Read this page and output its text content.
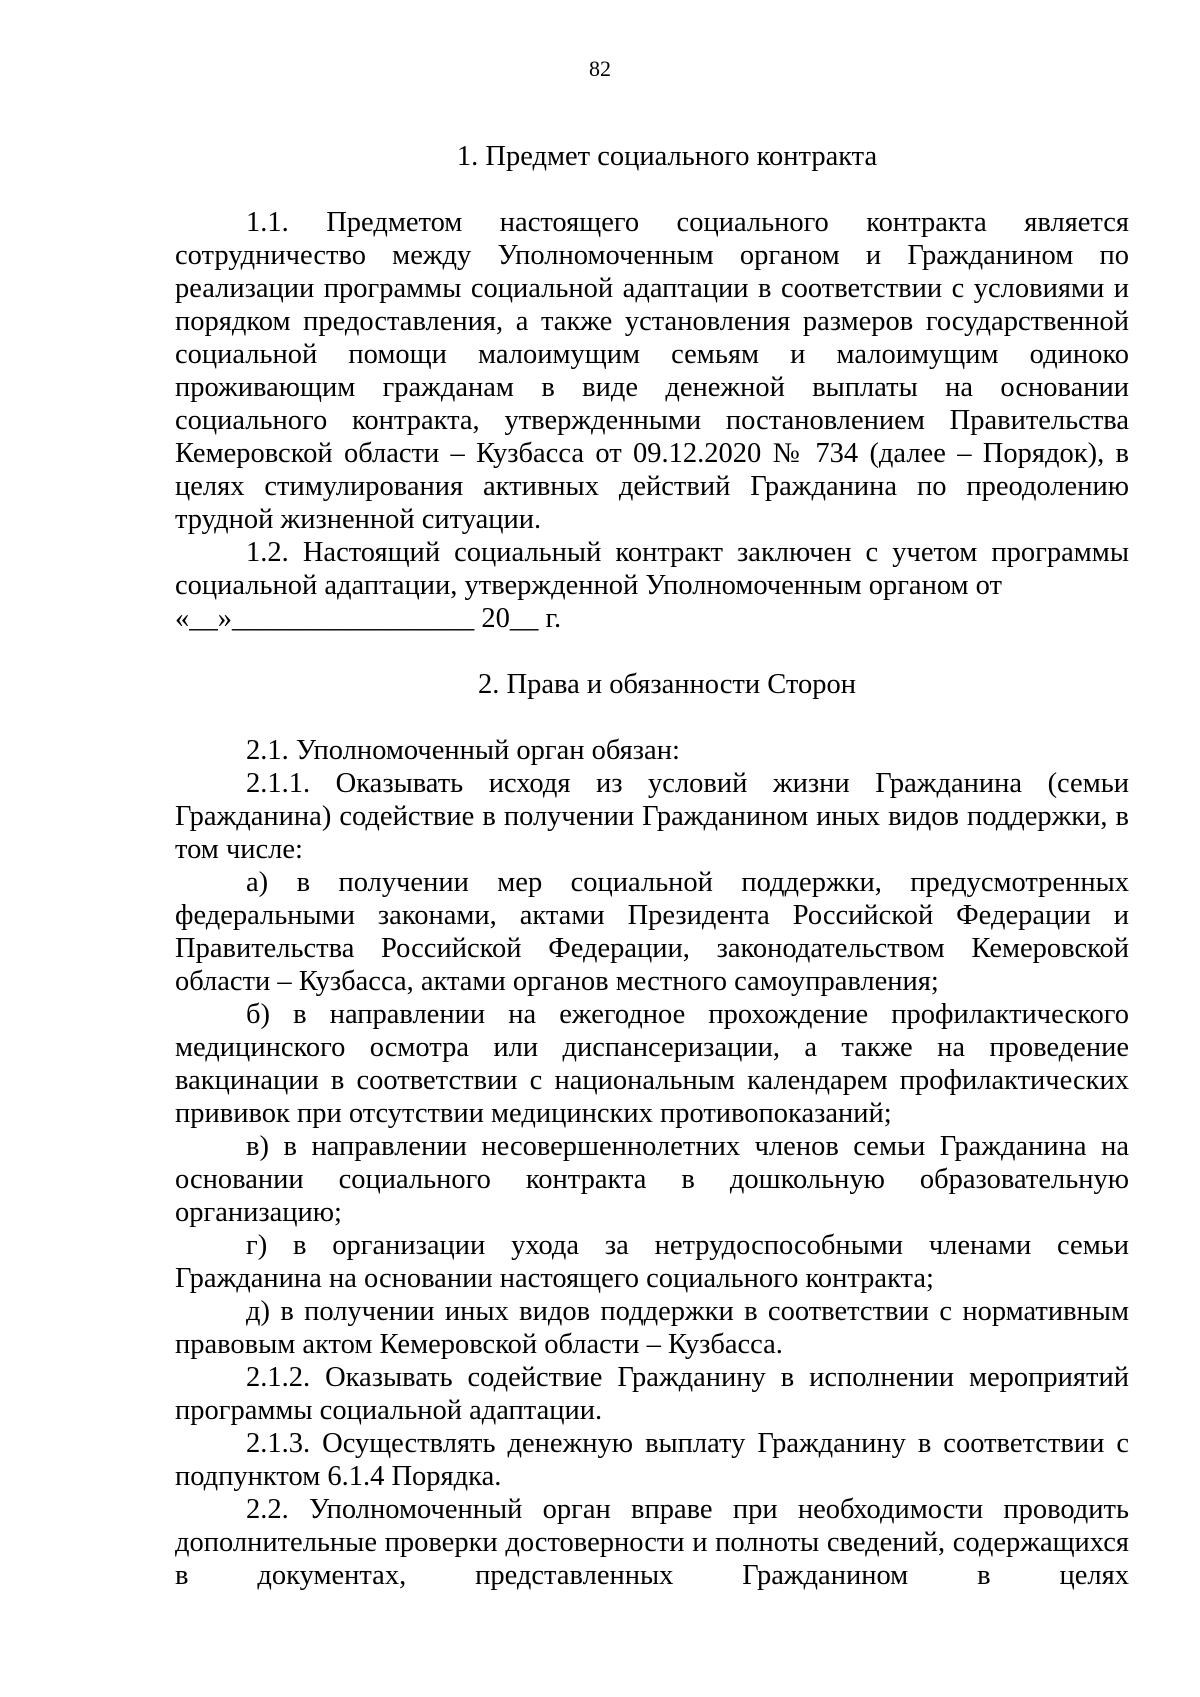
82

1. Предмет социального контракта

1.1. Предметом настоящего социального контракта является сотрудничество между Уполномоченным органом и Гражданином по реализации программы социальной адаптации в соответствии с условиями и порядком предоставления, а также установления размеров государственной социальной помощи малоимущим семьям и малоимущим одиноко проживающим гражданам в виде денежной выплаты на основании социального контракта, утвержденными постановлением Правительства Кемеровской области – Кузбасса от 09.12.2020 № 734 (далее – Порядок), в целях стимулирования активных действий Гражданина по преодолению трудной жизненной ситуации.

1.2. Настоящий социальный контракт заключен с учетом программы социальной адаптации, утвержденной Уполномоченным органом от

«__»_________________ 20__ г.

2. Права и обязанности Сторон

2.1. Уполномоченный орган обязан:

2.1.1. Оказывать исходя из условий жизни Гражданина (семьи Гражданина) содействие в получении Гражданином иных видов поддержки, в том числе:

а) в получении мер социальной поддержки, предусмотренных федеральными законами, актами Президента Российской Федерации и Правительства Российской Федерации, законодательством Кемеровской области – Кузбасса, актами органов местного самоуправления;

б) в направлении на ежегодное прохождение профилактического медицинского осмотра или диспансеризации, а также на проведение вакцинации в соответствии с национальным календарем профилактических прививок при отсутствии медицинских противопоказаний;

в) в направлении несовершеннолетних членов семьи Гражданина на основании социального контракта в дошкольную образовательную организацию;

г) в организации ухода за нетрудоспособными членами семьи Гражданина на основании настоящего социального контракта;

д) в получении иных видов поддержки в соответствии с нормативным правовым актом Кемеровской области – Кузбасса.

2.1.2. Оказывать содействие Гражданину в исполнении мероприятий программы социальной адаптации.

2.1.3. Осуществлять денежную выплату Гражданину в соответствии с подпунктом 6.1.4 Порядка.

2.2. Уполномоченный орган вправе при необходимости проводить дополнительные проверки достоверности и полноты сведений, содержащихся в документах, представленных Гражданином в целях
